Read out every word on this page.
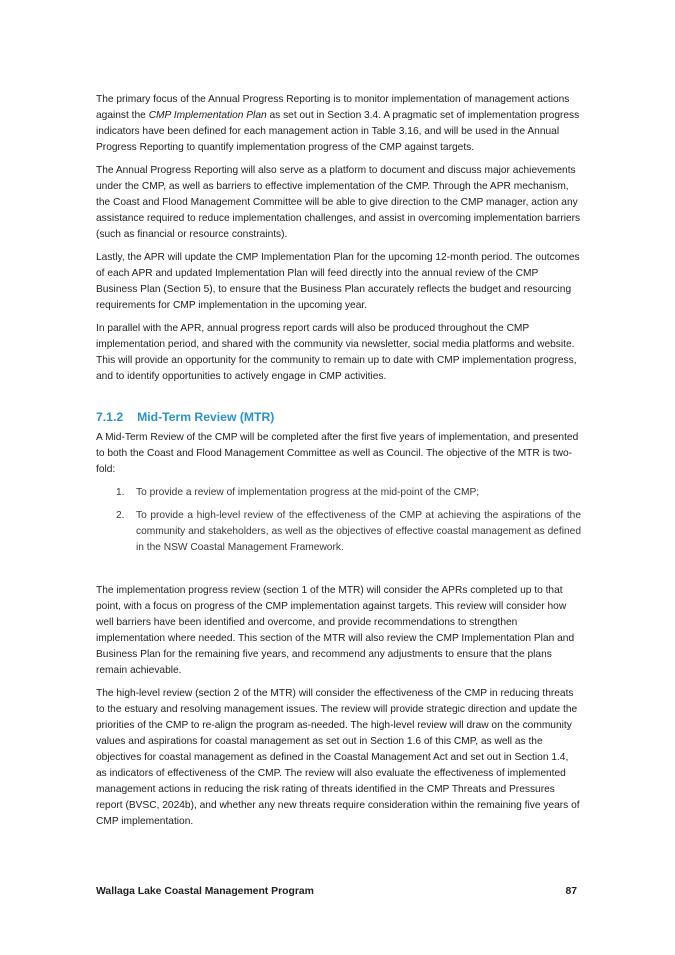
The primary focus of the Annual Progress Reporting is to monitor implementation of management actions against the CMP Implementation Plan as set out in Section 3.4. A pragmatic set of implementation progress indicators have been defined for each management action in Table 3.16, and will be used in the Annual Progress Reporting to quantify implementation progress of the CMP against targets.

The Annual Progress Reporting will also serve as a platform to document and discuss major achievements under the CMP, as well as barriers to effective implementation of the CMP. Through the APR mechanism, the Coast and Flood Management Committee will be able to give direction to the CMP manager, action any assistance required to reduce implementation challenges, and assist in overcoming implementation barriers (such as financial or resource constraints).

Lastly, the APR will update the CMP Implementation Plan for the upcoming 12-month period. The outcomes of each APR and updated Implementation Plan will feed directly into the annual review of the CMP Business Plan (Section 5), to ensure that the Business Plan accurately reflects the budget and resourcing requirements for CMP implementation in the upcoming year.

In parallel with the APR, annual progress report cards will also be produced throughout the CMP implementation period, and shared with the community via newsletter, social media platforms and website. This will provide an opportunity for the community to remain up to date with CMP implementation progress, and to identify opportunities to actively engage in CMP activities.

7.1.2 Mid-Term Review (MTR)

A Mid-Term Review of the CMP will be completed after the first five years of implementation, and presented to both the Coast and Flood Management Committee as well as Council. The objective of the MTR is two-fold:

1. To provide a review of implementation progress at the mid-point of the CMP;
2. To provide a high-level review of the effectiveness of the CMP at achieving the aspirations of the community and stakeholders, as well as the objectives of effective coastal management as defined in the NSW Coastal Management Framework.

The implementation progress review (section 1 of the MTR) will consider the APRs completed up to that point, with a focus on progress of the CMP implementation against targets. This review will consider how well barriers have been identified and overcome, and provide recommendations to strengthen implementation where needed. This section of the MTR will also review the CMP Implementation Plan and Business Plan for the remaining five years, and recommend any adjustments to ensure that the plans remain achievable.

The high-level review (section 2 of the MTR) will consider the effectiveness of the CMP in reducing threats to the estuary and resolving management issues. The review will provide strategic direction and update the priorities of the CMP to re-align the program as-needed. The high-level review will draw on the community values and aspirations for coastal management as set out in Section 1.6 of this CMP, as well as the objectives for coastal management as defined in the Coastal Management Act and set out in Section 1.4, as indicators of effectiveness of the CMP. The review will also evaluate the effectiveness of implemented management actions in reducing the risk rating of threats identified in the CMP Threats and Pressures report (BVSC, 2024b), and whether any new threats require consideration within the remaining five years of CMP implementation.

Wallaga Lake Coastal Management Program	87
